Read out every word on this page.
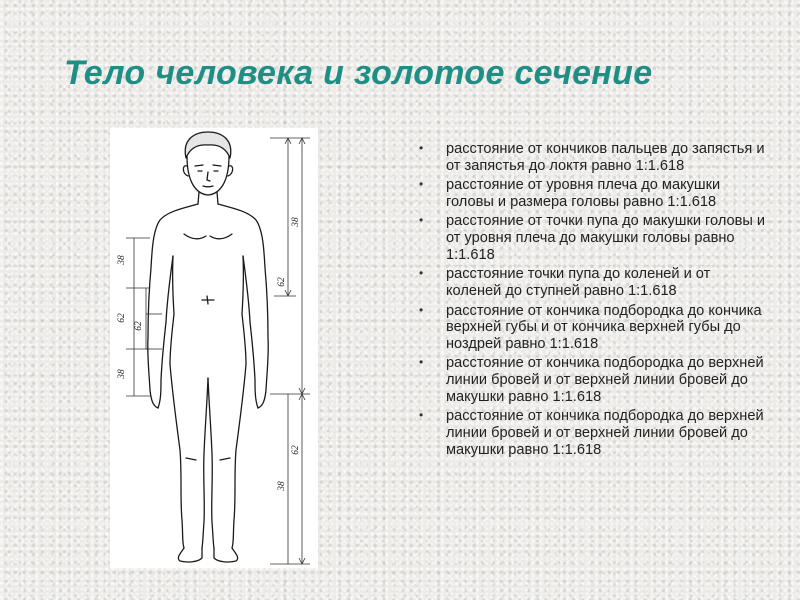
Тело человека и золотое сечение
38
62
62
38
38
62
62
38
• расстояние от кончиков пальцев до запястья и от запястья до локтя равно 1:1.618
• расстояние от уровня плеча до макушки головы и размера головы равно 1:1.618
• расстояние от точки пупа до макушки головы и от уровня плеча до макушки головы равно 1:1.618
• расстояние точки пупа до коленей и от коленей до ступней равно 1:1.618
• расстояние от кончика подбородка до кончика верхней губы и от кончика верхней губы до ноздрей равно 1:1.618
• расстояние от кончика подбородка до верхней линии бровей и от верхней линии бровей до макушки равно 1:1.618
• расстояние от кончика подбородка до верхней линии бровей и от верхней линии бровей до макушки равно 1:1.618
